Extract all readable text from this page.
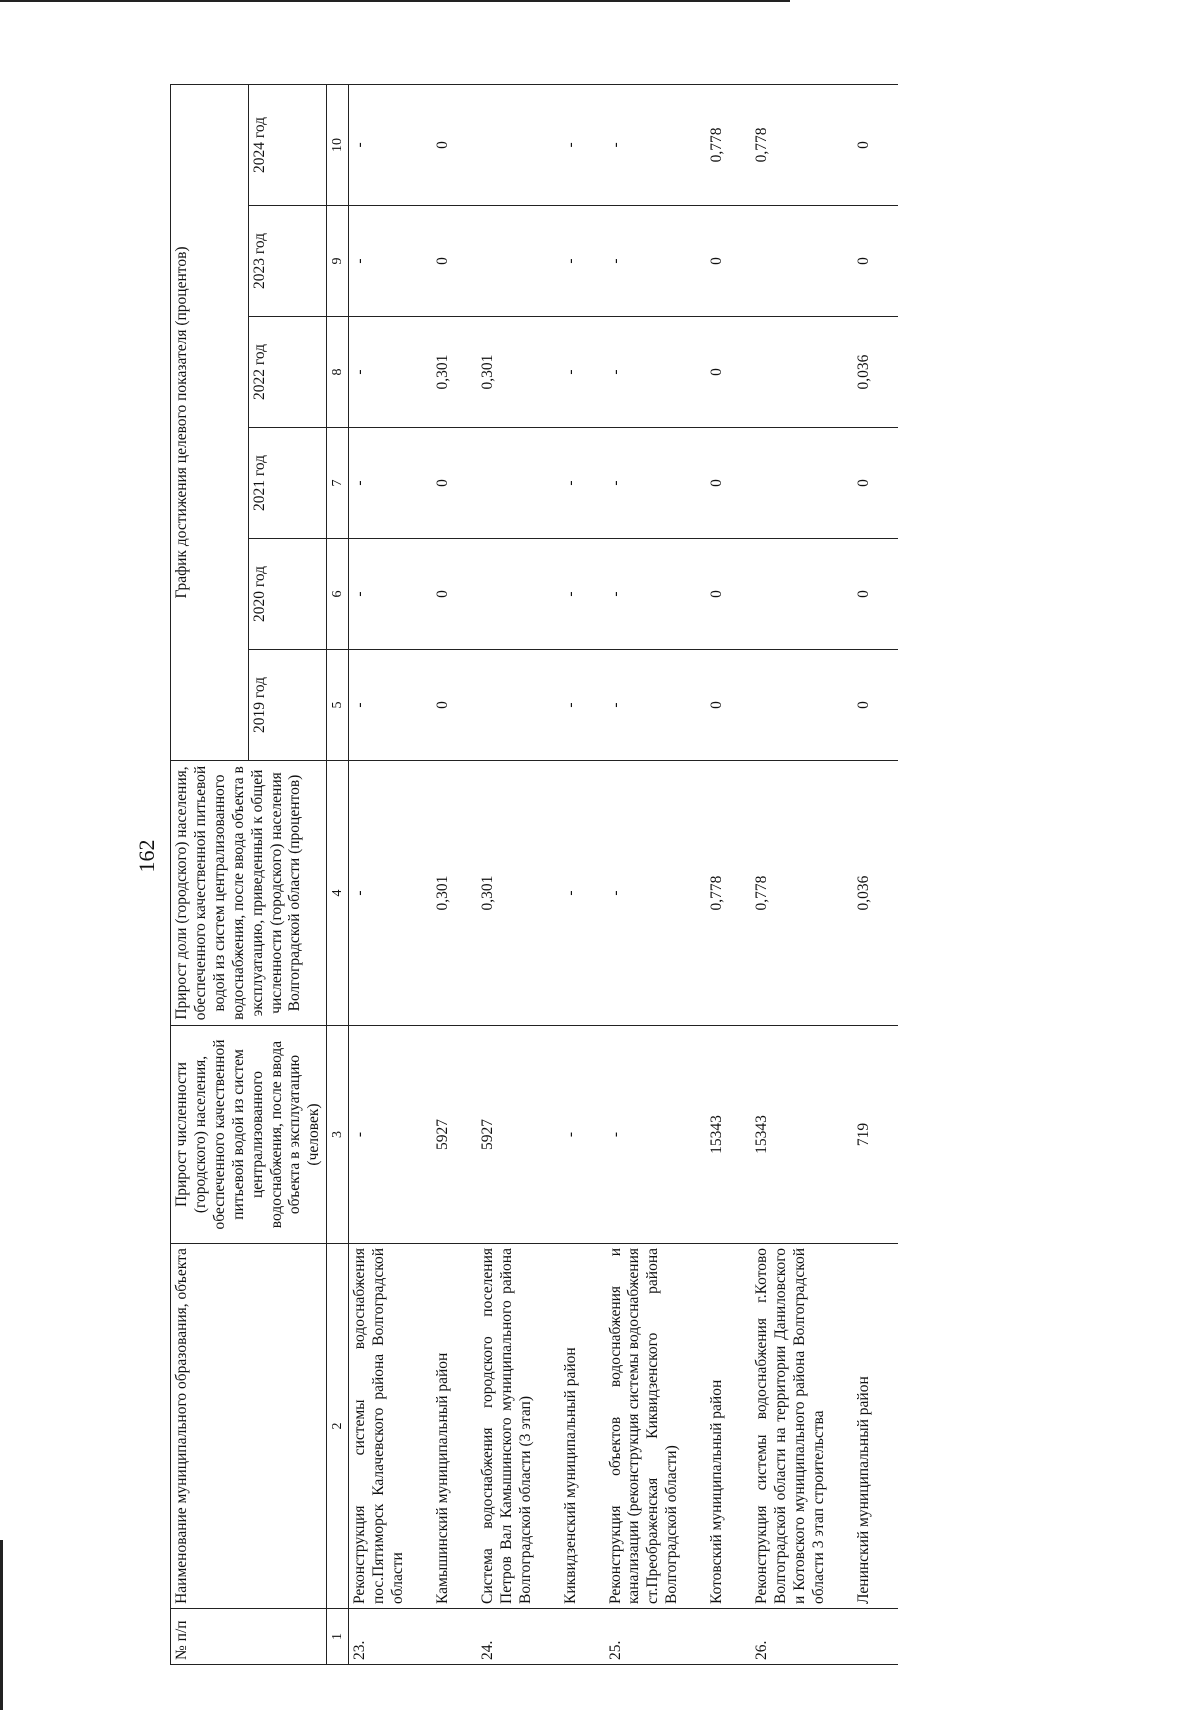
162
№ п/п	Наименование муниципального образования, объекта	Прирост численности (городского) населения, обеспеченного качественной питьевой водой из систем централизованного водоснабжения, после ввода объекта в эксплуатацию (человек)	Прирост доли (городского) населения, обеспеченного качественной питьевой водой из систем централизованного водоснабжения, после ввода объекта в эксплуатацию, приведенный к общей численности (городского) населения Волгоградской области (процентов)	График достижения целевого показателя (процентов)					
				2019 год	2020 год	2021 год	2022 год	2023 год	2024 год
1	2	3	4	5	6	7	8	9	10
23.	Реконструкция системы водоснабжения пос.Пятиморск Калачевского района Волгоградской области	-	-	-	-	-	-	-	-

	Камышинский муниципальный район	5927	0,301	0	0	0	0,301	0	0

24.	Система водоснабжения городского поселения Петров Вал Камышинского муниципального района Волгоградской области (3 этап)	5927	0,301				0,301		

	Киквидзенский муниципальный район	-	-	-	-	-	-	-	-

25.	Реконструкция объектов водоснабжения и канализации (реконструкция системы водоснабжения ст.Преображенская Киквидзенского района Волгоградской области)	-	-	-	-	-	-	-	-

	Котовский муниципальный район	15343	0,778	0	0	0	0	0	0,778

26.	Реконструкция системы водоснабжения г.Котово Волгоградской области на территории Даниловского и Котовского муниципального района Волгоградской области 3 этап строительства	15343	0,778						0,778

	Ленинский муниципальный район	719	0,036	0	0	0	0,036	0	0
